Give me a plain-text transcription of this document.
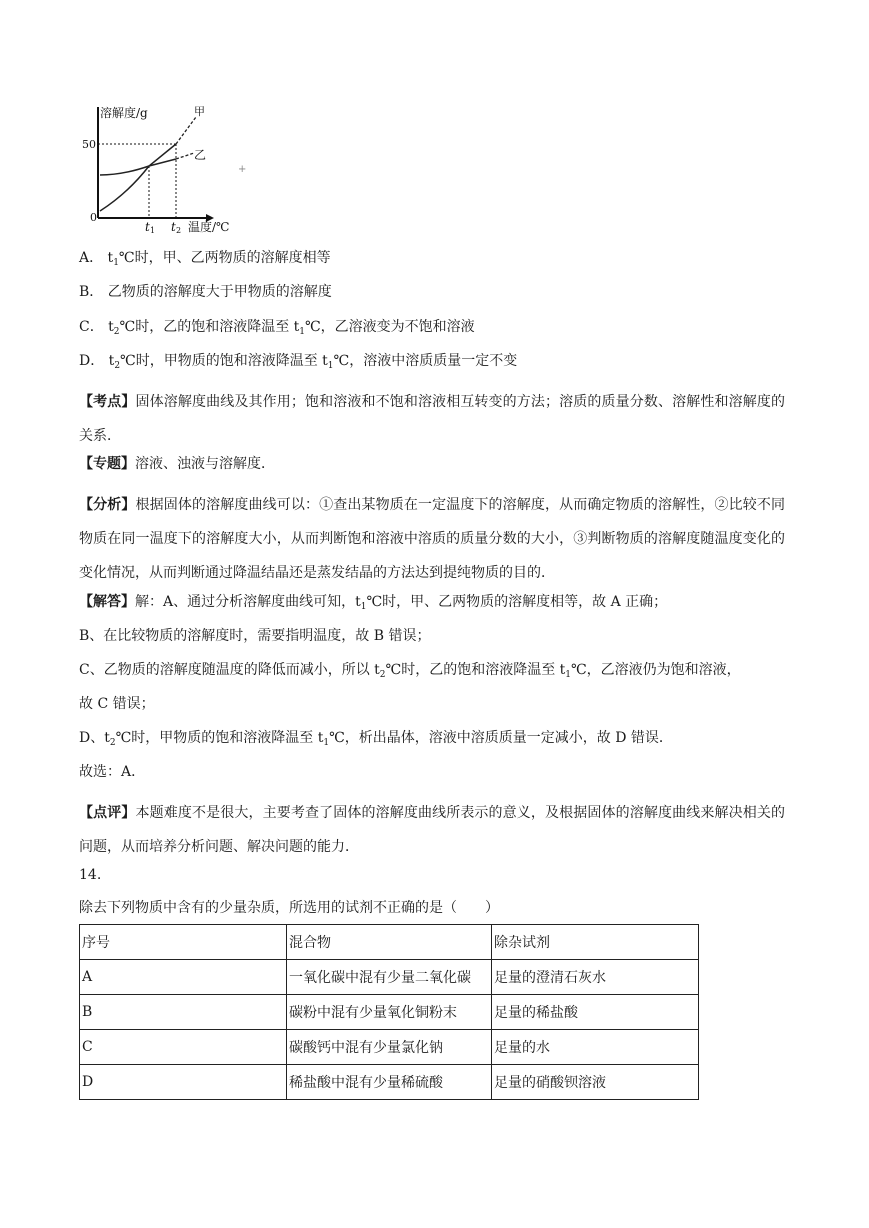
溶解度/g	甲
乙
50
0
t 1 t 2 温度/℃
+
A． $t_1℃$时，甲、乙两物质的溶解度相等
B． 乙物质的溶解度大于甲物质的溶解度
C． $t_2℃$时，乙的饱和溶液降温至 $t_1℃$，乙溶液变为不饱和溶液
D． $t_2℃$时，甲物质的饱和溶液降温至 $t_1℃$，溶液中溶质质量一定不变
【考点】固体溶解度曲线及其作用；饱和溶液和不饱和溶液相互转变的方法；溶质的质量分数、溶解性和溶解度的关系．
【专题】溶液、浊液与溶解度．
【分析】根据固体的溶解度曲线可以：①查出某物质在一定温度下的溶解度，从而确定物质的溶解性，②比较不同物质在同一温度下的溶解度大小，从而判断饱和溶液中溶质的质量分数的大小，③判断物质的溶解度随温度变化的变化情况，从而判断通过降温结晶还是蒸发结晶的方法达到提纯物质的目的．
【解答】解：A、通过分析溶解度曲线可知，$t_1℃$时，甲、乙两物质的溶解度相等，故 A 正确；
B、在比较物质的溶解度时，需要指明温度，故 B 错误；
C、乙物质的溶解度随温度的降低而减小，所以 $t_2℃$时，乙的饱和溶液降温至 $t_1℃$，乙溶液仍为饱和溶液，
故 C 错误；
D、$t_2℃$时，甲物质的饱和溶液降温至 $t_1℃$，析出晶体，溶液中溶质质量一定减小，故 D 错误．
故选：A．
【点评】本题难度不是很大，主要考查了固体的溶解度曲线所表示的意义，及根据固体的溶解度曲线来解决相关的问题，从而培养分析问题、解决问题的能力．
14.
除去下列物质中含有的少量杂质，所选用的试剂不正确的是（　　）
序号	混合物	除杂试剂
A	一氧化碳中混有少量二氧化碳	足量的澄清石灰水
B	碳粉中混有少量氧化铜粉末	足量的稀盐酸
C	碳酸钙中混有少量氯化钠	足量的水
D	稀盐酸中混有少量稀硫酸	足量的硝酸钡溶液
